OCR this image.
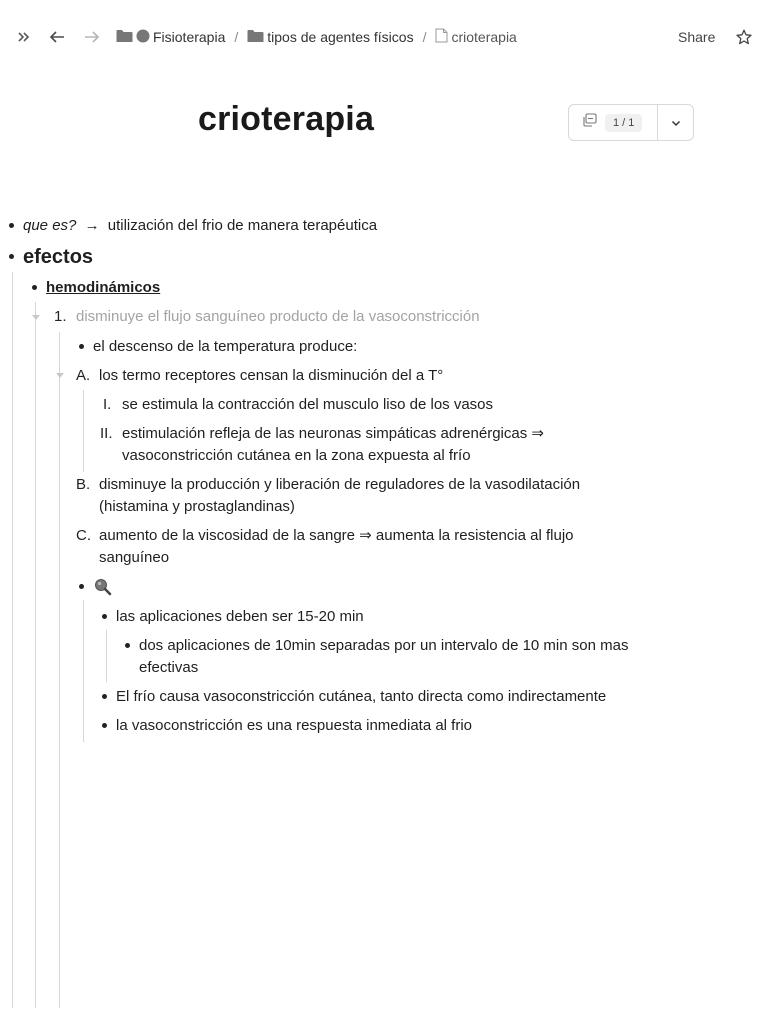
Fisioterapia / tipos de agentes físicos / crioterapia	Share
crioterapia	1 / 1
que es? → utilización del frio de manera terapéutica
efectos
hemodinámicos
1. disminuye el flujo sanguíneo producto de la vasoconstricción
el descenso de la temperatura produce:
A. los termo receptores censan la disminución del a T°
I. se estimula la contracción del musculo liso de los vasos
II. estimulación refleja de las neuronas simpáticas adrenérgicas ⇒ vasoconstricción cutánea en la zona expuesta al frío
B. disminuye la producción y liberación de reguladores de la vasodilatación (histamina y prostaglandinas)
C. aumento de la viscosidad de la sangre ⇒ aumenta la resistencia al flujo sanguíneo
las aplicaciones deben ser 15-20 min
dos aplicaciones de 10min separadas por un intervalo de 10 min son mas efectivas
El frío causa vasoconstricción cutánea, tanto directa como indirectamente
la vasoconstricción es una respuesta inmediata al frio
